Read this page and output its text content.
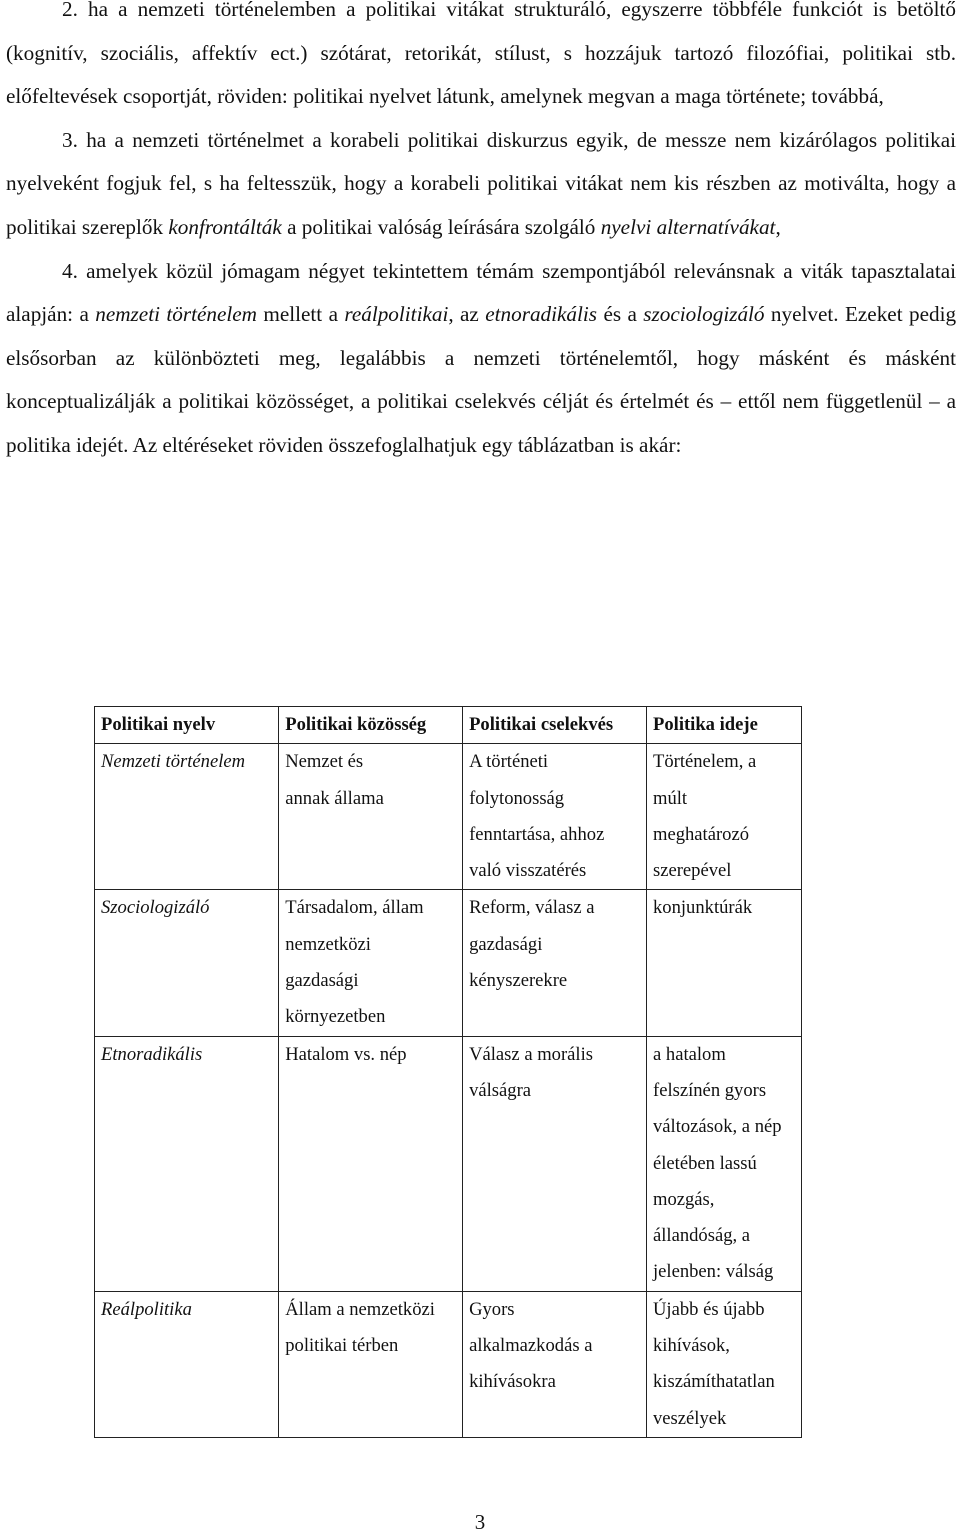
2. ha a nemzeti történelemben a politikai vitákat strukturáló, egyszerre többféle funkciót is betöltő (kognitív, szociális, affektív ect.) szótárat, retorikát, stílust, s hozzájuk tartozó filozófiai, politikai stb. előfeltevések csoportját, röviden: politikai nyelvet látunk, amelynek megvan a maga története; továbbá,

3. ha a nemzeti történelmet a korabeli politikai diskurzus egyik, de messze nem kizárólagos politikai nyelveként fogjuk fel, s ha feltesszük, hogy a korabeli politikai vitákat nem kis részben az motiválta, hogy a politikai szereplők konfrontálták a politikai valóság leírására szolgáló nyelvi alternatívákat,

4. amelyek közül jómagam négyet tekintettem témám szempontjából relevánsnak a viták tapasztalatai alapján: a nemzeti történelem mellett a reálpolitikai, az etnoradikális és a szociologizáló nyelvet. Ezeket pedig elsősorban az különbözteti meg, legalábbis a nemzeti történelemtől, hogy másként és másként konceptualizálják a politikai közösséget, a politikai cselekvés célját és értelmét és – ettől nem függetlenül – a politika idejét. Az eltéréseket röviden összefoglalhatjuk egy táblázatban is akár:

Politikai nyelv	Politikai közösség	Politikai cselekvés	Politika ideje

Nemzeti történelem	Nemzet és annak állama	A történeti folytonosság fenntartása, ahhoz való visszatérés	Történelem, a múlt meghatározó szerepével

Szociologizáló	Társadalom, állam nemzetközi gazdasági környezetben	Reform, válasz a gazdasági kényszerekre	konjunktúrák

Etnoradikális	Hatalom vs. nép	Válasz a morális válságra	a hatalom felszínén gyors változások, a nép életében lassú mozgás, állandóság, a jelenben: válság

Reálpolitika	Állam a nemzetközi politikai térben	Gyors alkalmazkodás a kihívásokra	Újabb és újabb kihívások, kiszámíthatatlan veszélyek
3
